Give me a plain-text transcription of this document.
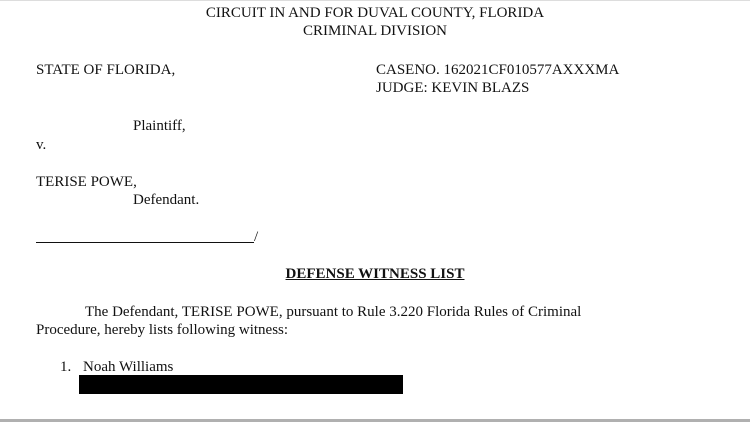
CIRCUIT IN AND FOR DUVAL COUNTY, FLORIDA
CRIMINAL DIVISION
STATE OF FLORIDA,	CASENO. 162021CF010577AXXXMA
JUDGE: KEVIN BLAZS
Plaintiff,
v.
TERISE POWE,
Defendant.
/
DEFENSE WITNESS LIST
The Defendant, TERISE POWE, pursuant to Rule 3.220 Florida Rules of Criminal
Procedure, hereby lists following witness:
1. Noah Williams
